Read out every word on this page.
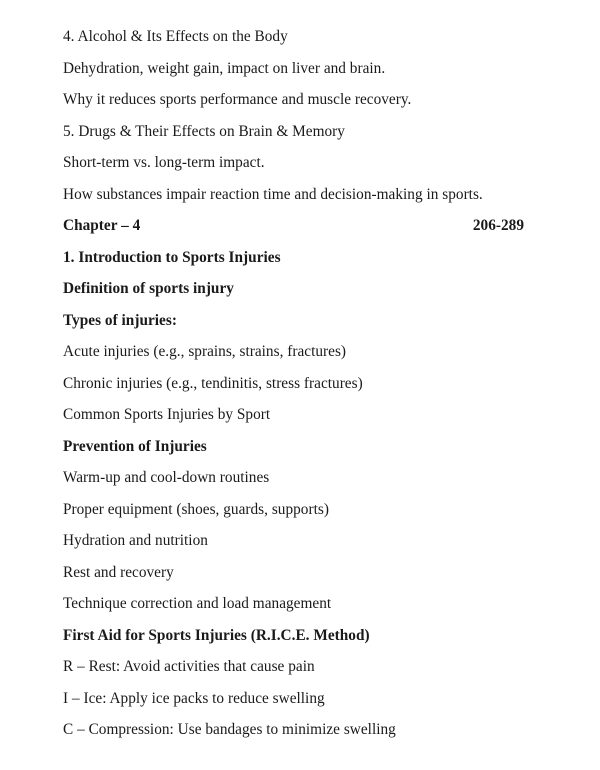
4. Alcohol & Its Effects on the Body
Dehydration, weight gain, impact on liver and brain.
Why it reduces sports performance and muscle recovery.
5. Drugs & Their Effects on Brain & Memory
Short-term vs. long-term impact.
How substances impair reaction time and decision-making in sports.
Chapter – 4	206-289
1. Introduction to Sports Injuries
Definition of sports injury
Types of injuries:
Acute injuries (e.g., sprains, strains, fractures)
Chronic injuries (e.g., tendinitis, stress fractures)
Common Sports Injuries by Sport
Prevention of Injuries
Warm-up and cool-down routines
Proper equipment (shoes, guards, supports)
Hydration and nutrition
Rest and recovery
Technique correction and load management
First Aid for Sports Injuries (R.I.C.E. Method)
R – Rest: Avoid activities that cause pain
I – Ice: Apply ice packs to reduce swelling
C – Compression: Use bandages to minimize swelling
